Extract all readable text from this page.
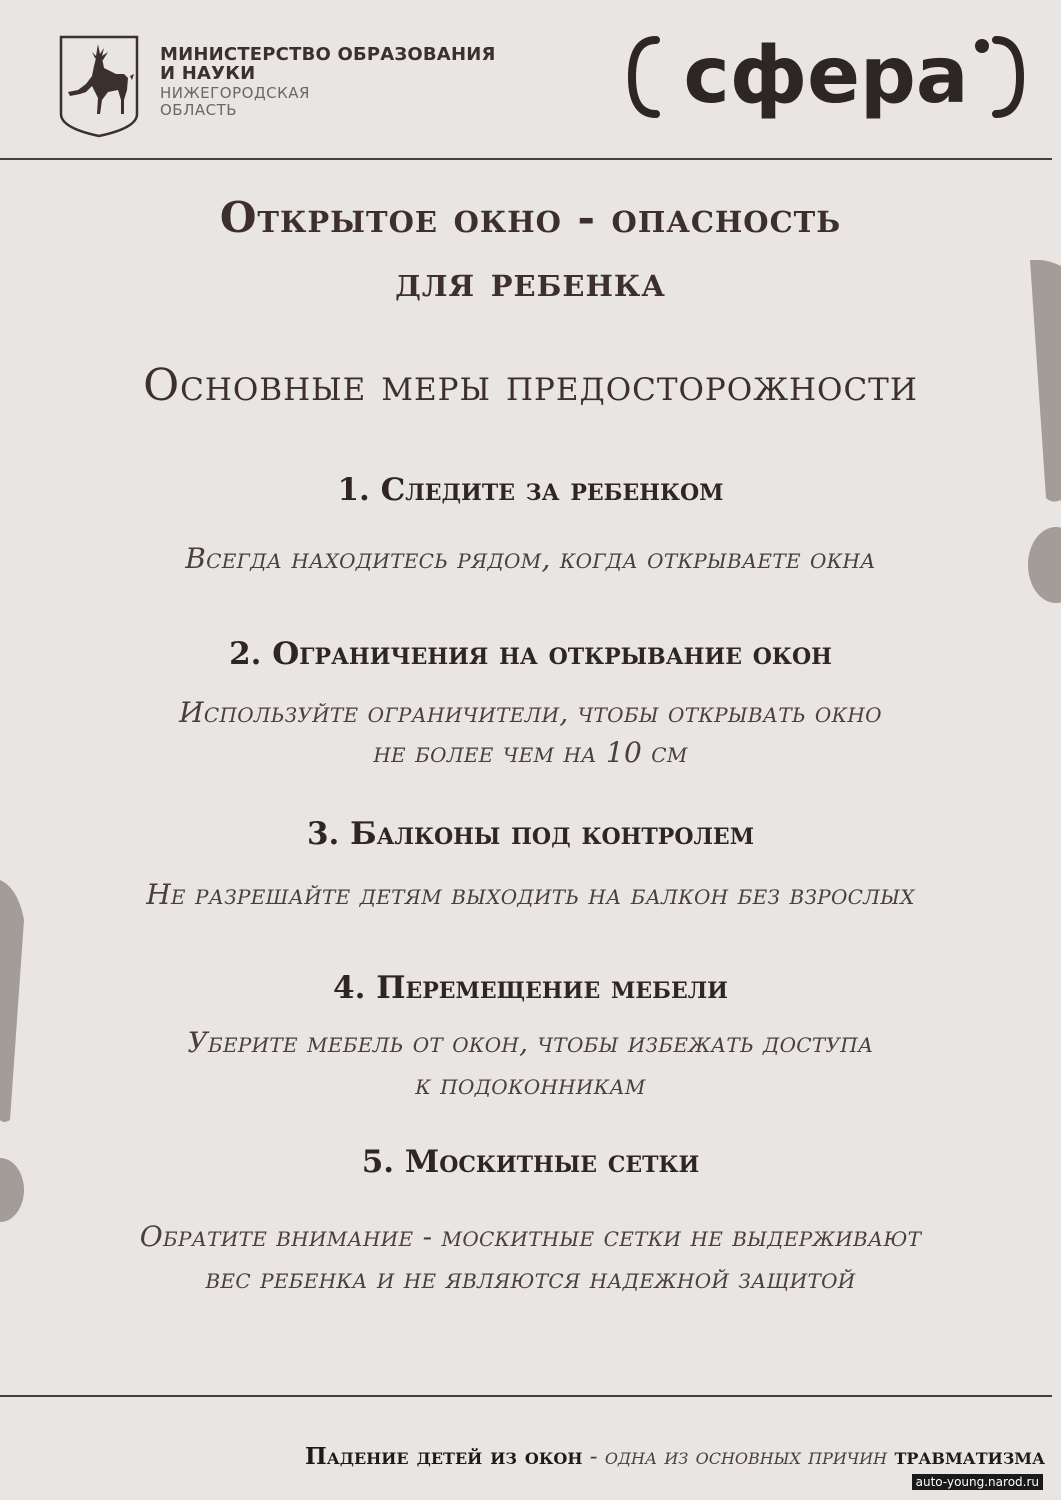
МИНИСТЕРСТВО ОБРАЗОВАНИЯ
И НАУКИ
НИЖЕГОРОДСКАЯ
ОБЛАСТЬ	сфера
Открытое окно - опасность
для ребенка
Основные меры предосторожности
1. Следите за ребенком
Всегда находитесь рядом, когда открываете окна
2. Ограничения на открывание окон
Используйте ограничители, чтобы открывать окно
не более чем на 10 см
3. Балконы под контролем
Не разрешайте детям выходить на балкон без взрослых
4. Перемещение мебели
Уберите мебель от окон, чтобы избежать доступа
к подоконникам
5. Москитные сетки
Обратите внимание - москитные сетки не выдерживают
вес ребенка и не являются надежной защитой
Падение детей из окон - одна из основных причин травматизма
auto-young.narod.ru
